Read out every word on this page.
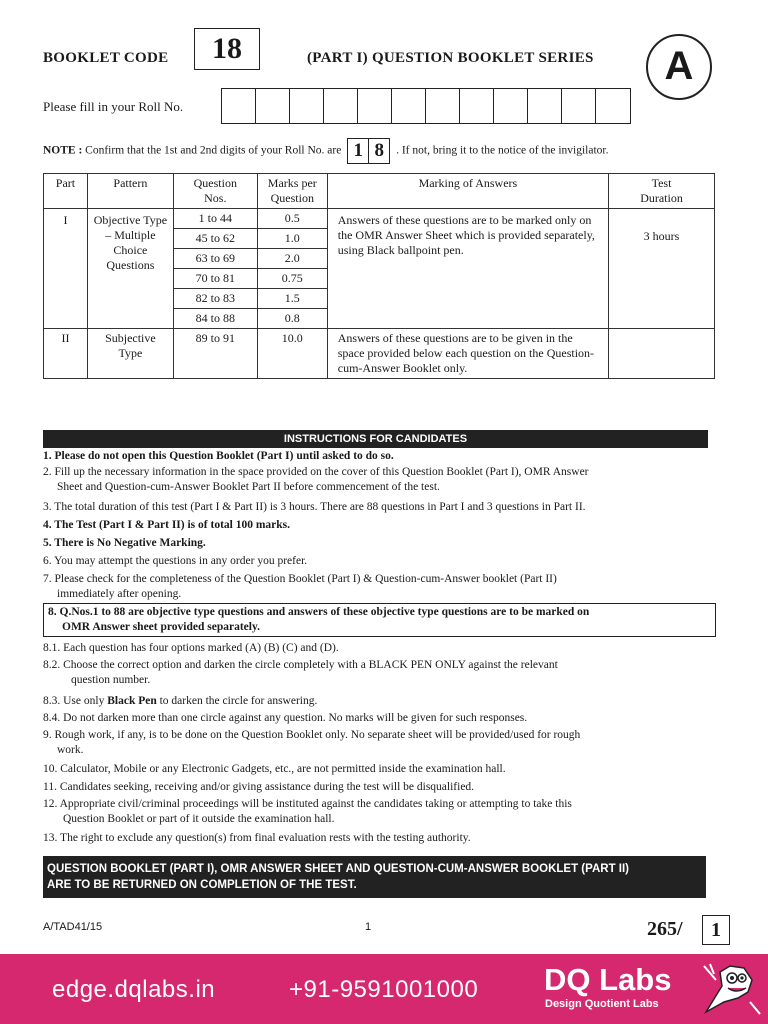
BOOKLET CODE	18	(PART I) QUESTION BOOKLET SERIES	A
Please fill in your Roll No.
NOTE : Confirm that the 1st and 2nd digits of your Roll No. are 1 8	. If not, bring it to the notice of the invigilator.
Part	Pattern	Question Nos.	Marks per Question	Marking of Answers	Test Duration
I	Objective Type – Multiple Choice Questions	1 to 44	0.5	Answers of these questions are to be marked only on the OMR Answer Sheet which is provided separately, using Black ballpoint pen.	3 hours
		45 to 62	1.0		
		63 to 69	2.0		
		70 to 81	0.75		
		82 to 83	1.5		
		84 to 88	0.8		
II	Subjective Type	89 to 91	10.0	Answers of these questions are to be given in the space provided below each question on the Question-cum-Answer Booklet only.	
INSTRUCTIONS FOR CANDIDATES
1. Please do not open this Question Booklet (Part I) until asked to do so.
2. Fill up the necessary information in the space provided on the cover of this Question Booklet (Part I), OMR Answer
Sheet and Question-cum-Answer Booklet Part II before commencement of the test.
3. The total duration of this test (Part I & Part II) is 3 hours. There are 88 questions in Part I and 3 questions in Part II.
4. The Test (Part I & Part II) is of total 100 marks.
5. There is No Negative Marking.
6. You may attempt the questions in any order you prefer.
7. Please check for the completeness of the Question Booklet (Part I) & Question-cum-Answer booklet (Part II)
immediately after opening.
8. Q.Nos.1 to 88 are objective type questions and answers of these objective type questions are to be marked on
OMR Answer sheet provided separately.
8.1. Each question has four options marked (A) (B) (C) and (D).
8.2. Choose the correct option and darken the circle completely with a BLACK PEN ONLY against the relevant
question number.
8.3. Use only Black Pen to darken the circle for answering.
8.4. Do not darken more than one circle against any question. No marks will be given for such responses.
9. Rough work, if any, is to be done on the Question Booklet only. No separate sheet will be provided/used for rough
work.
10. Calculator, Mobile or any Electronic Gadgets, etc., are not permitted inside the examination hall.
11. Candidates seeking, receiving and/or giving assistance during the test will be disqualified.
12. Appropriate civil/criminal proceedings will be instituted against the candidates taking or attempting to take this
Question Booklet or part of it outside the examination hall.
13. The right to exclude any question(s) from final evaluation rests with the testing authority.
QUESTION BOOKLET (PART I), OMR ANSWER SHEET AND QUESTION-CUM-ANSWER BOOKLET (PART II)
ARE TO BE RETURNED ON COMPLETION OF THE TEST.
A/TAD41/15	1	265/	1
edge.dqlabs.in	+91-9591001000 DQ Labs
Design Quotient Labs
